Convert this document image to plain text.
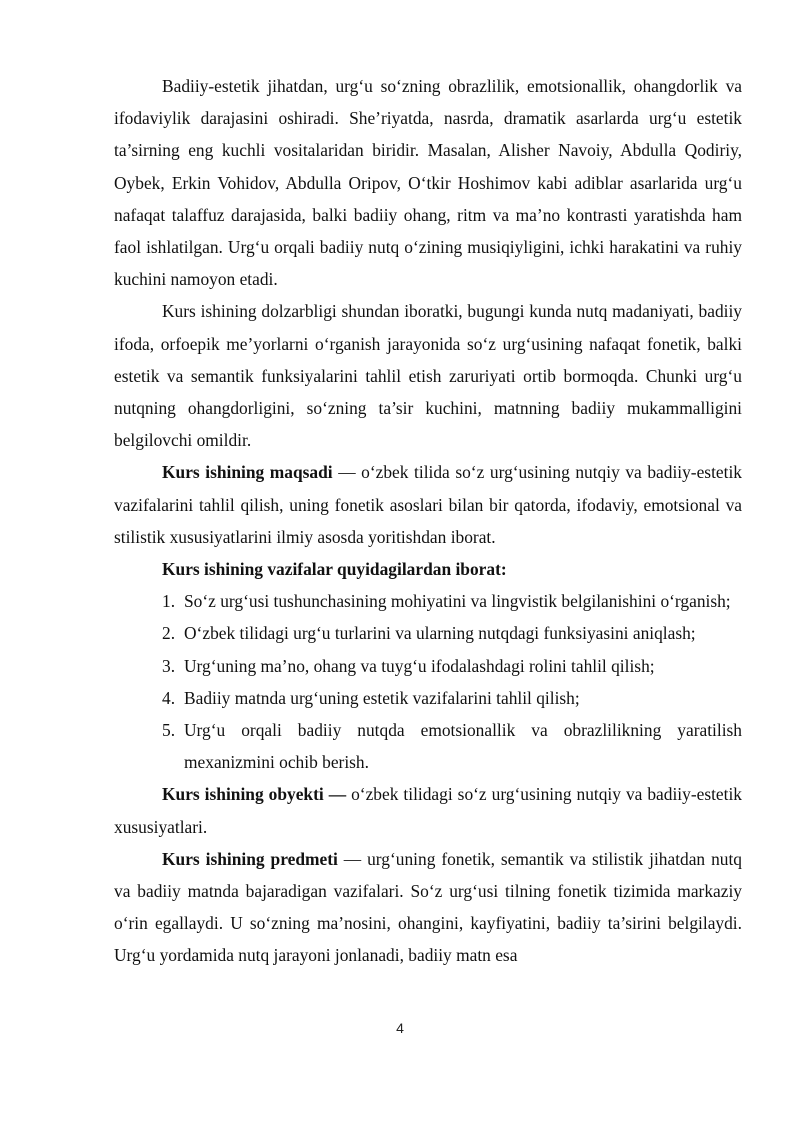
Badiiy-estetik jihatdan, urg‘u so‘zning obrazlilik, emotsionallik, ohangdorlik va ifodaviylik darajasini oshiradi. She’riyatda, nasrda, dramatik asarlarda urg‘u estetik ta’sirning eng kuchli vositalaridan biridir. Masalan, Alisher Navoiy, Abdulla Qodiriy, Oybek, Erkin Vohidov, Abdulla Oripov, O‘tkir Hoshimov kabi adiblar asarlarida urg‘u nafaqat talaffuz darajasida, balki badiiy ohang, ritm va ma’no kontrasti yaratishda ham faol ishlatilgan. Urg‘u orqali badiiy nutq o‘zining musiqiyligini, ichki harakatini va ruhiy kuchini namoyon etadi.

Kurs ishining dolzarbligi shundan iboratki, bugungi kunda nutq madaniyati, badiiy ifoda, orfoepik me’yorlarni o‘rganish jarayonida so‘z urg‘usining nafaqat fonetik, balki estetik va semantik funksiyalarini tahlil etish zaruriyati ortib bormoqda. Chunki urg‘u nutqning ohangdorligini, so‘zning ta’sir kuchini, matnning badiiy mukammalligini belgilovchi omildir.

Kurs ishining maqsadi — o‘zbek tilida so‘z urg‘usining nutqiy va badiiy-estetik vazifalarini tahlil qilish, uning fonetik asoslari bilan bir qatorda, ifodaviy, emotsional va stilistik xususiyatlarini ilmiy asosda yoritishdan iborat.

Kurs ishining vazifalar quyidagilardan iborat:

1. So‘z urg‘usi tushunchasining mohiyatini va lingvistik belgilanishini o‘rganish;
2. O‘zbek tilidagi urg‘u turlarini va ularning nutqdagi funksiyasini aniqlash;
3. Urg‘uning ma’no, ohang va tuyg‘u ifodalashdagi rolini tahlil qilish;
4. Badiiy matnda urg‘uning estetik vazifalarini tahlil qilish;
5. Urg‘u orqali badiiy nutqda emotsionallik va obrazlilikning yaratilish mexanizmini ochib berish.

Kurs ishining obyekti — o‘zbek tilidagi so‘z urg‘usining nutqiy va badiiy-estetik xususiyatlari.

Kurs ishining predmeti — urg‘uning fonetik, semantik va stilistik jihatdan nutq va badiiy matnda bajaradigan vazifalari. So‘z urg‘usi tilning fonetik tizimida markaziy o‘rin egallaydi. U so‘zning ma’nosini, ohangini, kayfiyatini, badiiy ta’sirini belgilaydi. Urg‘u yordamida nutq jarayoni jonlanadi, badiiy matn esa

4
